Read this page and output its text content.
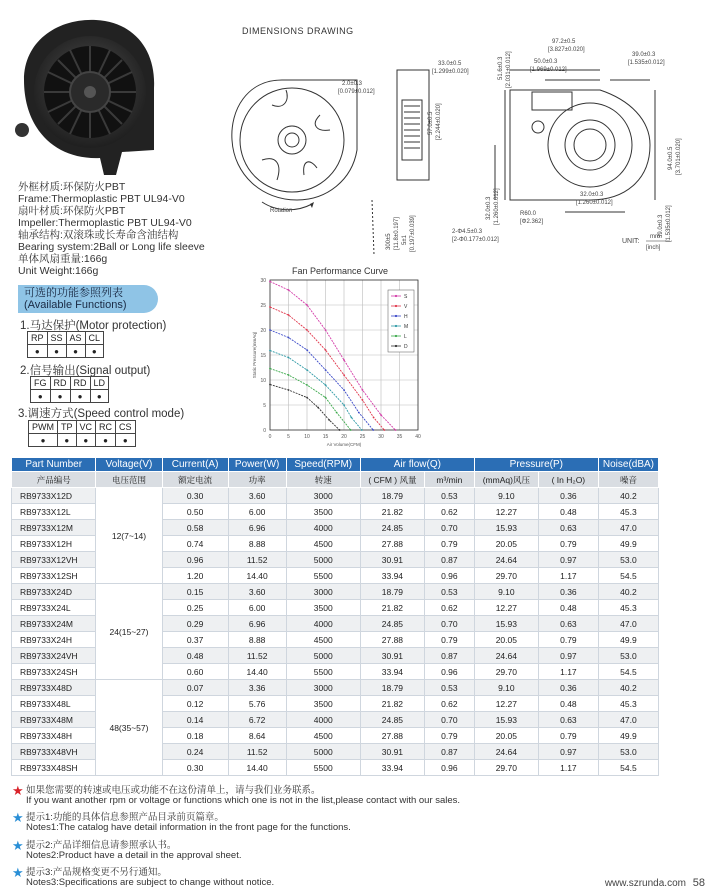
DIMENSIONS DRAWING
Rotation
2.0±0.3
[0.079±0.012]
33.0±0.5
[1.299±0.020]
57.0±0.5 [2.244±0.020]
300±5 [11.8±0.197] 5±1 [0.197±0.039]
97.2±0.5
[3.827±0.020]
50.0±0.3
[1.969±0.012]
39.0±0.3
[1.535±0.012]
51.6±0.3 [2.031±0.012]
94.0±0.5 [3.701±0.020]
32.0±0.3 [1.260±0.012]
39.0±0.3 [1.535±0.012]
32.0±0.3
[1.260±0.012]
R60.0
[Φ2.362]
2-Φ4.5±0.3
[2-Φ0.177±0.012]	UNIT:
mm
[inch]
外框材质:环保防火PBT
Frame:Thermoplastic PBT UL94-V0
扇叶材质:环保防火PBT
Impeller:Thermoplastic PBT UL94-V0
轴承结构:双滚珠或长寿命含油结构
Bearing system:2Ball or Long life sleeve
单体风扇重量:166g
Unit Weight:166g
可选的功能参照列表
(Available Functions)
1.马达保护(Motor protection)
RP	SS	AS	CL
●	●	●	●
2.信号输出(Signal output)
FG	RD	RD	LD
●	●	●	●
3.调速方式(Speed control mode)
PWM	TP	VC	RC	CS
●	●	●	●	●
Fan Performance Curve
0	5	10	15	20	25	30	35	40
0
5
10
15
20
25
30
S
V
H
M
L
D
Air Volume(CFM)
Static Pressure(mmAq)
Part Number	Voltage(V)	Current(A)	Power(W)	Speed(RPM)	Air flow(Q)		Pressure(P)		Noise(dBA)
产品编号	电压范围	额定电流	功率	转速	( CFM ) 风量	m³/min	(mmAq)风压	( In H₂O)	噪音
RB9733X12D	12(7~14)	0.30	3.60	3000	18.79	0.53	9.10	0.36	40.2
RB9733X12L		0.50	6.00	3500	21.82	0.62	12.27	0.48	45.3
RB9733X12M		0.58	6.96	4000	24.85	0.70	15.93	0.63	47.0
RB9733X12H		0.74	8.88	4500	27.88	0.79	20.05	0.79	49.9
RB9733X12VH		0.96	11.52	5000	30.91	0.87	24.64	0.97	53.0
RB9733X12SH		1.20	14.40	5500	33.94	0.96	29.70	1.17	54.5
RB9733X24D	24(15~27)	0.15	3.60	3000	18.79	0.53	9.10	0.36	40.2
RB9733X24L		0.25	6.00	3500	21.82	0.62	12.27	0.48	45.3
RB9733X24M		0.29	6.96	4000	24.85	0.70	15.93	0.63	47.0
RB9733X24H		0.37	8.88	4500	27.88	0.79	20.05	0.79	49.9
RB9733X24VH		0.48	11.52	5000	30.91	0.87	24.64	0.97	53.0
RB9733X24SH		0.60	14.40	5500	33.94	0.96	29.70	1.17	54.5
RB9733X48D	48(35~57)	0.07	3.36	3000	18.79	0.53	9.10	0.36	40.2
RB9733X48L		0.12	5.76	3500	21.82	0.62	12.27	0.48	45.3
RB9733X48M		0.14	6.72	4000	24.85	0.70	15.93	0.63	47.0
RB9733X48H		0.18	8.64	4500	27.88	0.79	20.05	0.79	49.9
RB9733X48VH		0.24	11.52	5000	30.91	0.87	24.64	0.97	53.0
RB9733X48SH		0.30	14.40	5500	33.94	0.96	29.70	1.17	54.5
★ 如果您需要的转速或电压或功能不在这份清单上，请与我们业务联系。
If you want another rpm or voltage or functions which one is not in the list,please contact with our sales.
★ 提示1:功能的具体信息参照产品目录前页篇章。
Notes1:The catalog have detail information in the front page for the functions.
★ 提示2:产品详细信息请参照承认书。
Notes2:Product have a detail in the approval sheet.
★ 提示3:产品规格变更不另行通知。
Notes3:Specifications are subject to change without notice.	www.szrunda.com 58
